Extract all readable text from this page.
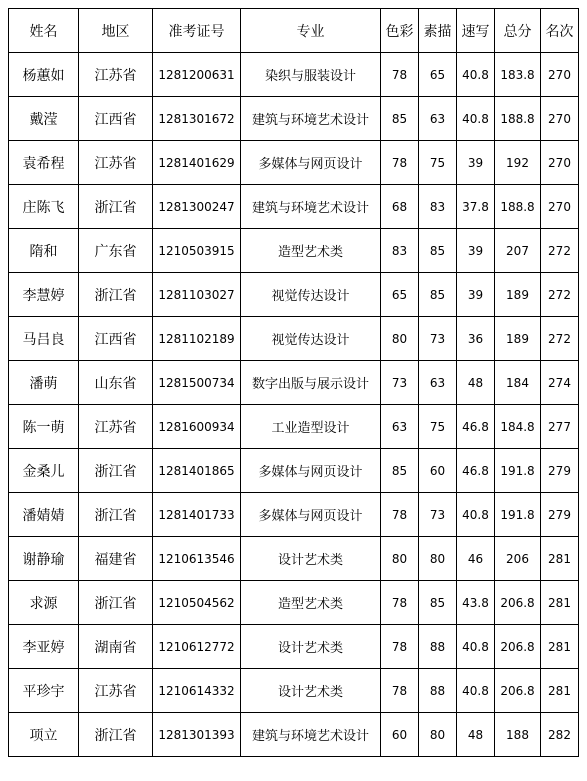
姓名	地区	准考证号	专业	色彩	素描	速写	总分	名次
杨蕙如	江苏省	1281200631	染织与服装设计	78	65	40.8	183.8	270
戴滢	江西省	1281301672	建筑与环境艺术设计	85	63	40.8	188.8	270
袁希程	江苏省	1281401629	多媒体与网页设计	78	75	39	192	270
庄陈飞	浙江省	1281300247	建筑与环境艺术设计	68	83	37.8	188.8	270
隋和	广东省	1210503915	造型艺术类	83	85	39	207	272
李慧婷	浙江省	1281103027	视觉传达设计	65	85	39	189	272
马吕良	江西省	1281102189	视觉传达设计	80	73	36	189	272
潘萌	山东省	1281500734	数字出版与展示设计	73	63	48	184	274
陈一萌	江苏省	1281600934	工业造型设计	63	75	46.8	184.8	277
金桑儿	浙江省	1281401865	多媒体与网页设计	85	60	46.8	191.8	279
潘婧婧	浙江省	1281401733	多媒体与网页设计	78	73	40.8	191.8	279
谢静瑜	福建省	1210613546	设计艺术类	80	80	46	206	281
求源	浙江省	1210504562	造型艺术类	78	85	43.8	206.8	281
李亚婷	湖南省	1210612772	设计艺术类	78	88	40.8	206.8	281
平珍宇	江苏省	1210614332	设计艺术类	78	88	40.8	206.8	281
项立	浙江省	1281301393	建筑与环境艺术设计	60	80	48	188	282
